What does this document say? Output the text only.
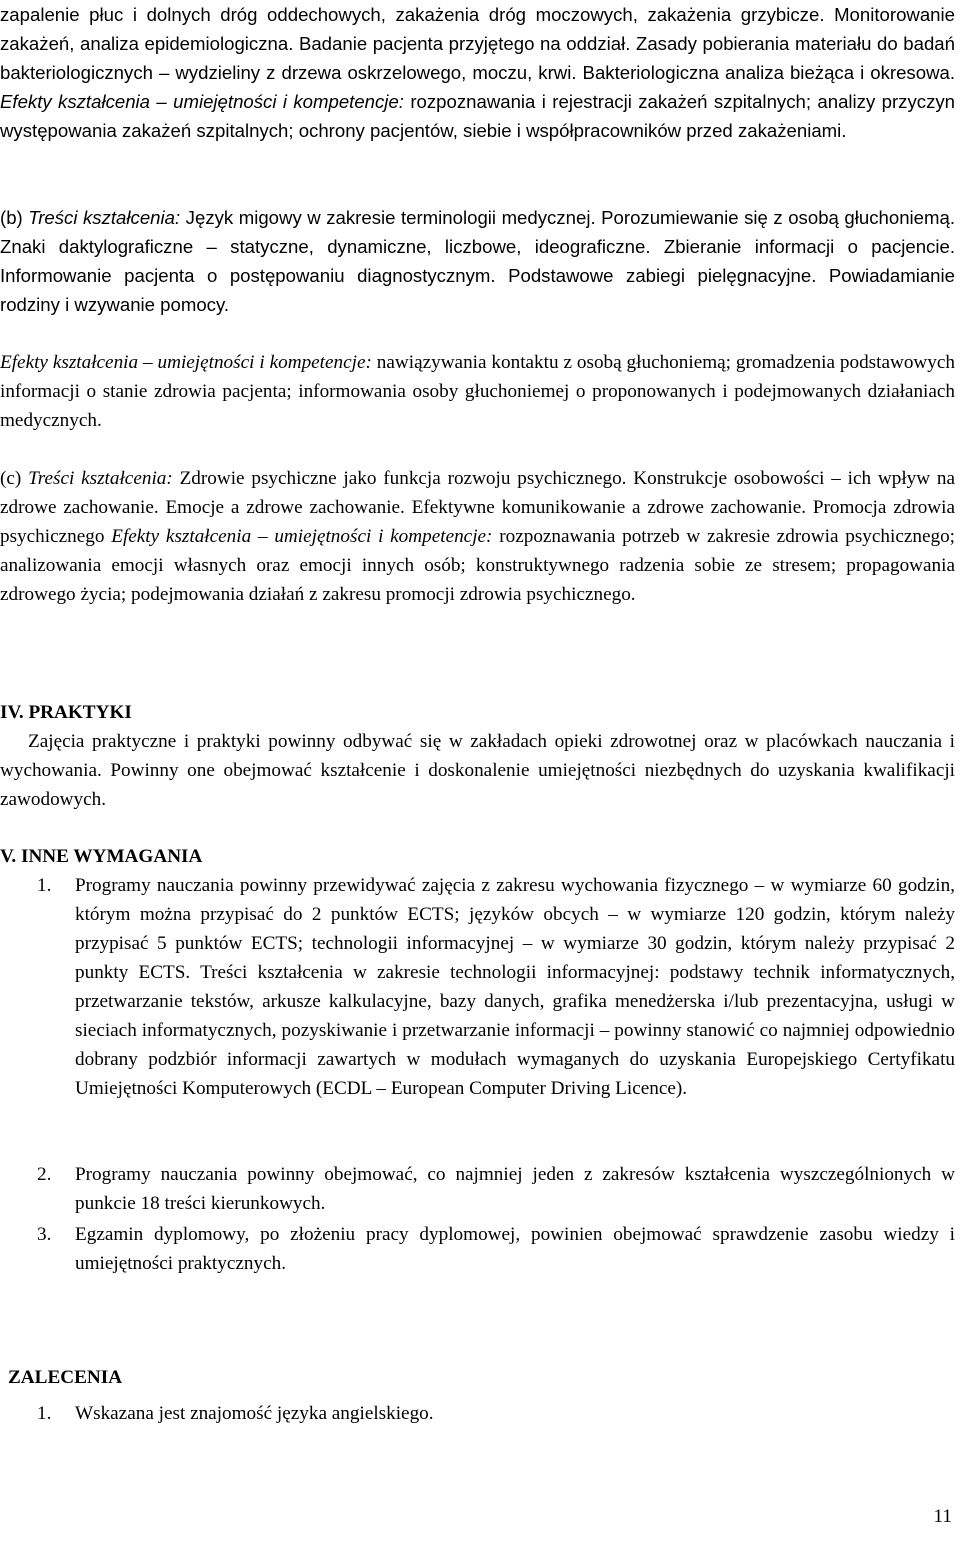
zapalenie płuc i dolnych dróg oddechowych, zakażenia dróg moczowych, zakażenia grzybicze. Monitorowanie zakażeń, analiza epidemiologiczna. Badanie pacjenta przyjętego na oddział. Zasady pobierania materiału do badań bakteriologicznych – wydzieliny z drzewa oskrzelowego, moczu, krwi. Bakteriologiczna analiza bieżąca i okresowa. Efekty kształcenia – umiejętności i kompetencje: rozpoznawania i rejestracji zakażeń szpitalnych; analizy przyczyn występowania zakażeń szpitalnych; ochrony pacjentów, siebie i współpracowników przed zakażeniami.

(b) Treści kształcenia: Język migowy w zakresie terminologii medycznej. Porozumiewanie się z osobą głuchoniemą. Znaki daktylograficzne – statyczne, dynamiczne, liczbowe, ideograficzne. Zbieranie informacji o pacjencie. Informowanie pacjenta o postępowaniu diagnostycznym. Podstawowe zabiegi pielęgnacyjne. Powiadamianie rodziny i wzywanie pomocy.

Efekty kształcenia – umiejętności i kompetencje: nawiązywania kontaktu z osobą głuchoniemą; gromadzenia podstawowych informacji o stanie zdrowia pacjenta; informowania osoby głuchoniemej o proponowanych i podejmowanych działaniach medycznych.

(c) Treści kształcenia: Zdrowie psychiczne jako funkcja rozwoju psychicznego. Konstrukcje osobowości – ich wpływ na zdrowe zachowanie. Emocje a zdrowe zachowanie. Efektywne komunikowanie a zdrowe zachowanie. Promocja zdrowia psychicznego Efekty kształcenia – umiejętności i kompetencje: rozpoznawania potrzeb w zakresie zdrowia psychicznego; analizowania emocji własnych oraz emocji innych osób; konstruktywnego radzenia sobie ze stresem; propagowania zdrowego życia; podejmowania działań z zakresu promocji zdrowia psychicznego.

IV. PRAKTYKI

Zajęcia praktyczne i praktyki powinny odbywać się w zakładach opieki zdrowotnej oraz w placówkach nauczania i wychowania. Powinny one obejmować kształcenie i doskonalenie umiejętności niezbędnych do uzyskania kwalifikacji zawodowych.

V. INNE WYMAGANIA
1.	Programy nauczania powinny przewidywać zajęcia z zakresu wychowania fizycznego – w wymiarze 60 godzin, którym można przypisać do 2 punktów ECTS; języków obcych – w wymiarze 120 godzin, którym należy przypisać 5 punktów ECTS; technologii informacyjnej – w wymiarze 30 godzin, którym należy przypisać 2 punkty ECTS. Treści kształcenia w zakresie technologii informacyjnej: podstawy technik informatycznych, przetwarzanie tekstów, arkusze kalkulacyjne, bazy danych, grafika menedżerska i/lub prezentacyjna, usługi w sieciach informatycznych, pozyskiwanie i przetwarzanie informacji – powinny stanowić co najmniej odpowiednio dobrany podzbiór informacji zawartych w modułach wymaganych do uzyskania Europejskiego Certyfikatu Umiejętności Komputerowych (ECDL – European Computer Driving Licence).
2.	Programy nauczania powinny obejmować, co najmniej jeden z zakresów kształcenia wyszczególnionych w punkcie 18 treści kierunkowych.
3.	Egzamin dyplomowy, po złożeniu pracy dyplomowej, powinien obejmować sprawdzenie zasobu wiedzy i umiejętności praktycznych.
ZALECENIA
1.	Wskazana jest znajomość języka angielskiego.
11
